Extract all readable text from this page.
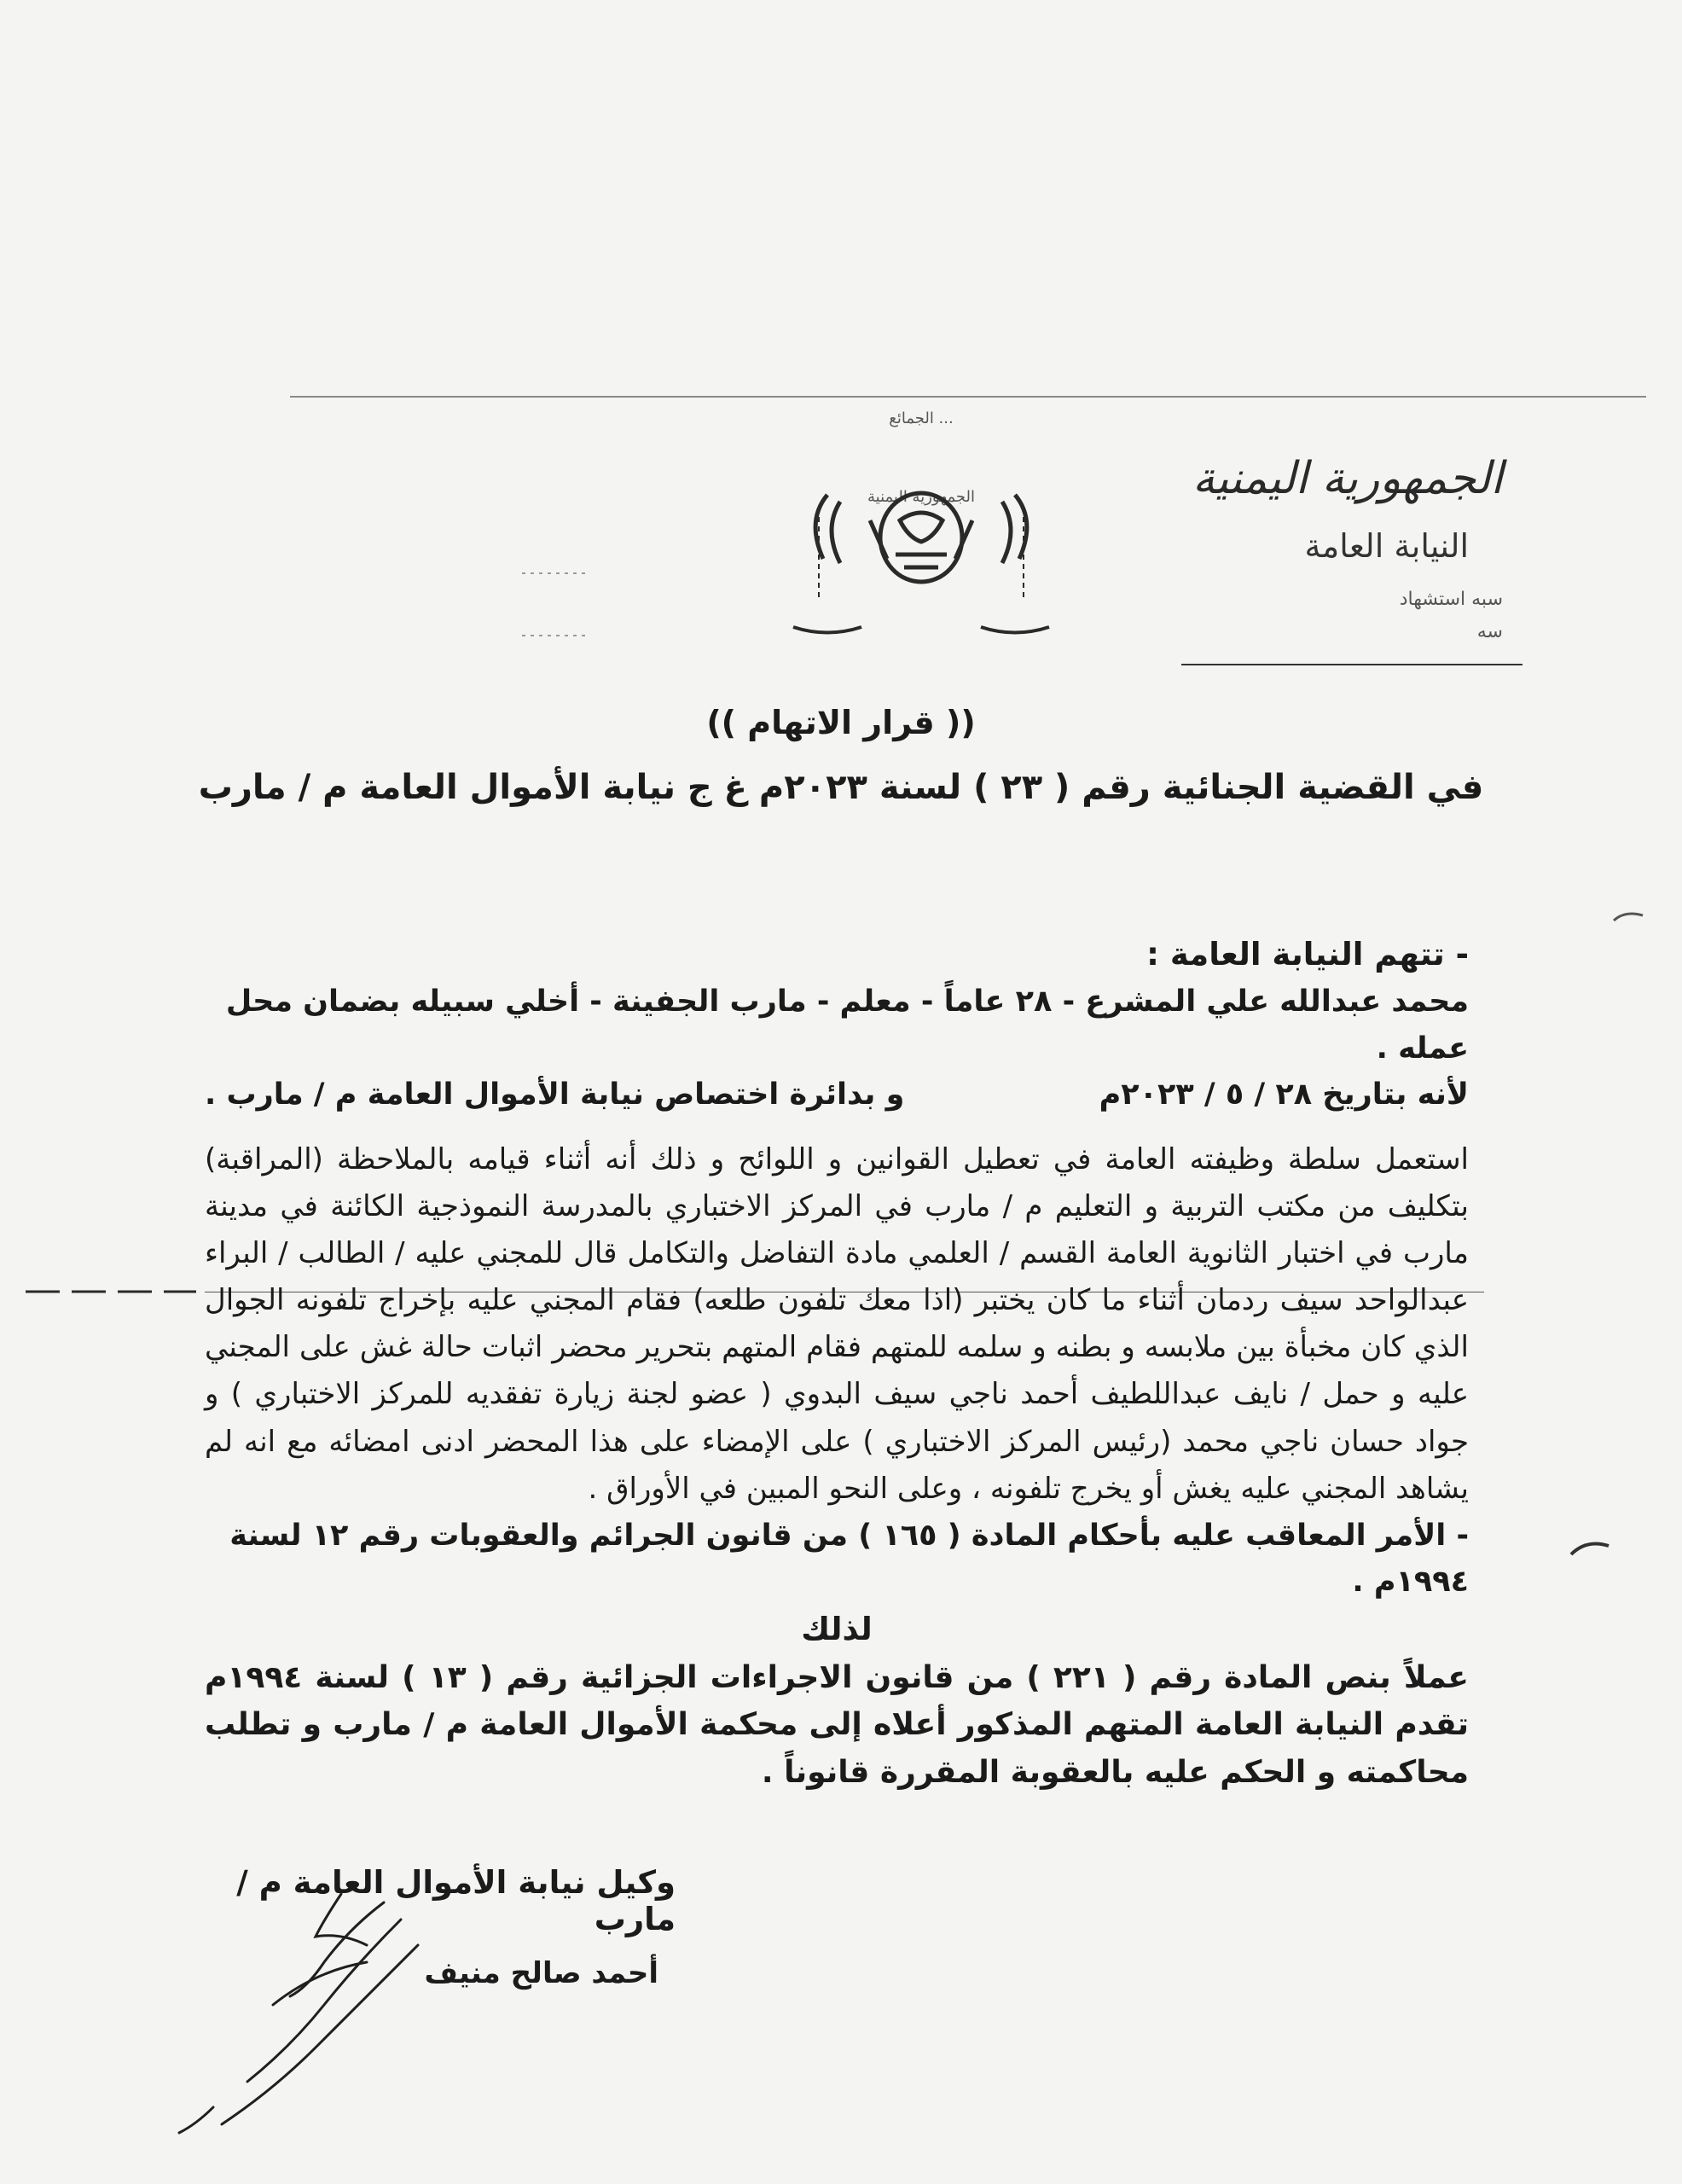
الجمهورية اليمنية
النيابة العامة
سبه استشهاد
سه
... الجمائع
الجمهورية اليمنية
(( قرار الاتهام ))
في القضية الجنائية رقم ( ٢٣ ) لسنة ٢٠٢٣م غ ج نيابة الأموال العامة م / مارب

- تتهم النيابة العامة :

محمد عبدالله علي المشرع - ٢٨ عاماً - معلم - مارب الجفينة - أخلي سبيله بضمان محل عمله .

لأنه بتاريخ ٢٨ / ٥ / ٢٠٢٣م
و بدائرة اختصاص نيابة الأموال العامة م / مارب .

استعمل سلطة وظيفته العامة في تعطيل القوانين و اللوائح و ذلك أنه أثناء قيامه بالملاحظة (المراقبة) بتكليف من مكتب التربية و التعليم م / مارب في المركز الاختباري بالمدرسة النموذجية الكائنة في مدينة مارب في اختبار الثانوية العامة القسم / العلمي مادة التفاضل والتكامل قال للمجني عليه / الطالب / البراء عبدالواحد سيف ردمان أثناء ما كان يختبر (اذا معك تلفون طلعه) فقام المجني عليه بإخراج تلفونه الجوال الذي كان مخبأة بين ملابسه و بطنه و سلمه للمتهم فقام المتهم بتحرير محضر اثبات حالة غش على المجني عليه و حمل / نايف عبداللطيف أحمد ناجي سيف البدوي ( عضو لجنة زيارة تفقديه للمركز الاختباري ) و جواد حسان ناجي محمد (رئيس المركز الاختباري ) على الإمضاء على هذا المحضر ادنى امضائه مع انه لم يشاهد المجني عليه يغش أو يخرج تلفونه ، وعلى النحو المبين في الأوراق .

- الأمر المعاقب عليه بأحكام المادة ( ١٦٥ ) من قانون الجرائم والعقوبات رقم ١٢ لسنة ١٩٩٤م .

لذلك

عملاً بنص المادة رقم ( ٢٢١ ) من قانون الاجراءات الجزائية رقم ( ١٣ ) لسنة ١٩٩٤م تقدم النيابة العامة المتهم المذكور أعلاه إلى محكمة الأموال العامة م / مارب و تطلب محاكمته و الحكم عليه بالعقوبة المقررة قانوناً .

وكيل نيابة الأموال العامة م / مارب
أحمد صالح منيف
